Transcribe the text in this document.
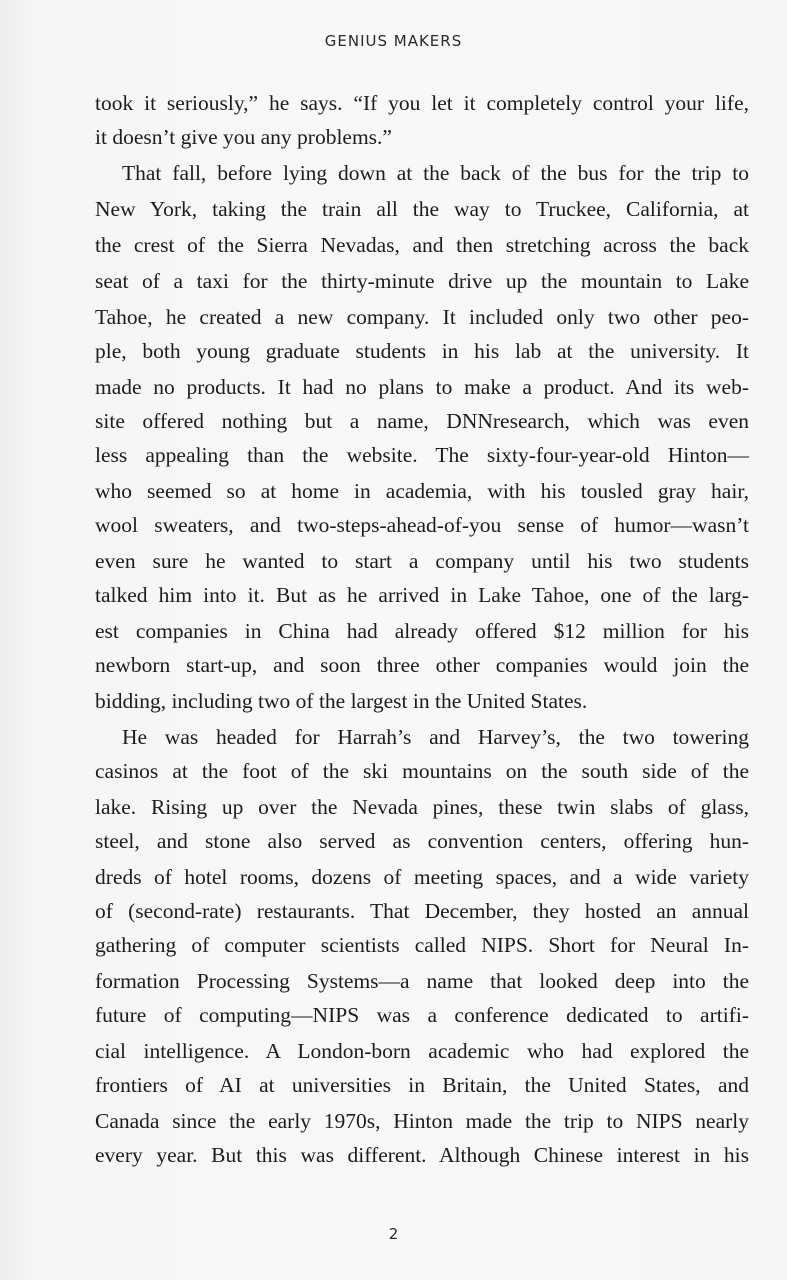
GENIUS MAKERS
took it seriously,” he says. “If you let it completely control your life,
it doesn’t give you any problems.”
That fall, before lying down at the back of the bus for the trip to
New York, taking the train all the way to Truckee, California, at
the crest of the Sierra Nevadas, and then stretching across the back
seat of a taxi for the thirty-minute drive up the mountain to Lake
Tahoe, he created a new company. It included only two other peo-
ple, both young graduate students in his lab at the university. It
made no products. It had no plans to make a product. And its web-
site offered nothing but a name, DNNresearch, which was even
less appealing than the website. The sixty-four-year-old Hinton—
who seemed so at home in academia, with his tousled gray hair,
wool sweaters, and two-steps-ahead-of-you sense of humor—wasn’t
even sure he wanted to start a company until his two students
talked him into it. But as he arrived in Lake Tahoe, one of the larg-
est companies in China had already offered $12 million for his
newborn start-up, and soon three other companies would join the
bidding, including two of the largest in the United States.
He was headed for Harrah’s and Harvey’s, the two towering
casinos at the foot of the ski mountains on the south side of the
lake. Rising up over the Nevada pines, these twin slabs of glass,
steel, and stone also served as convention centers, offering hun-
dreds of hotel rooms, dozens of meeting spaces, and a wide variety
of (second-rate) restaurants. That December, they hosted an annual
gathering of computer scientists called NIPS. Short for Neural In-
formation Processing Systems—a name that looked deep into the
future of computing—NIPS was a conference dedicated to artifi-
cial intelligence. A London-born academic who had explored the
frontiers of AI at universities in Britain, the United States, and
Canada since the early 1970s, Hinton made the trip to NIPS nearly
every year. But this was different. Although Chinese interest in his
2
